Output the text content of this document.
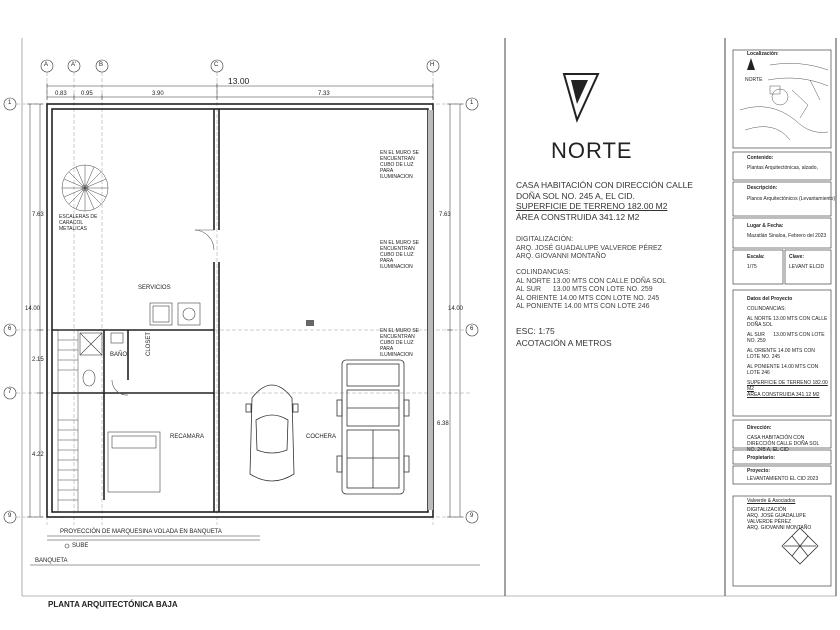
A	A'	B	C	H
1
6
7
9
1
6
9
13.00
0.83 0.95	3.90	7.33
14.00
7.63
2.15
4.22
7.63
6.38
14.00
SERVICIOS
BAÑO	CLOSET
RECAMARA	COCHERA
ESCALERAS DE CARACOL METALICAS
EN EL MURO SE ENCUENTRAN CUBO DE LUZ PARA ILUMINACION
EN EL MURO SE ENCUENTRAN CUBO DE LUZ PARA ILUMINACION
EN EL MURO SE ENCUENTRAN CUBO DE LUZ PARA ILUMINACION
PROYECCIÓN DE MARQUESINA VOLADA EN BANQUETA
SUBE
BANQUETA
PLANTA ARQUITECTÓNICA BAJA
NORTE
CASA HABITACIÓN CON DIRECCIÓN CALLE
DOÑA SOL NO. 245 A, EL CID.
SUPERFICIE DE TERRENO 182.00 M2
ÁREA CONSTRUIDA 341.12 M2
DIGITALIZACIÓN:
ARQ. JOSÉ GUADALUPE VALVERDE PÉREZ
ARQ. GIOVANNI MONTAÑO
COLINDANCIAS:
AL NORTE 13.00 MTS CON CALLE DOÑA SOL
AL SUR      13.00 MTS CON LOTE NO. 259
AL ORIENTE 14.00 MTS CON LOTE NO. 245
AL PONIENTE 14.00 MTS CON LOTE 246
ESC: 1:75
ACOTACIÓN A METROS
Localización:
NORTE
Contenido:
Plantas Arquitectónicas, alzado,
Descripción:
Planos Arquitectónicos (Levantamiento)
Lugar & Fecha:
Mazatlán Sinaloa, Febrero del 2023
Escala:
1/75
Clave:
LEVANT ELCID
Datos del Proyecto
COLINDANCIAS:
AL NORTE 13.00 MTS CON CALLE DOÑA SOL
AL SUR      13.00 MTS CON LOTE NO. 259
AL ORIENTE 14.00 MTS CON LOTE NO. 245
AL PONIENTE 14.00 MTS CON LOTE 246
SUPERFICIE DE TERRENO 182.00 M2
ÁREA CONSTRUIDA 341.12 M2
Dirección:
CASA HABITACIÓN CON DIRECCIÓN CALLE DOÑA SOL NO. 245 A, EL CID
Propietario:
Proyecto:
LEVANTAMIENTO EL CID 2023
Valverde & Asociados
DIGITALIZACIÓN
ARQ. JOSÉ GUADALUPE VALVERDE PÉREZ
ARQ. GIOVANNI MONTAÑO
